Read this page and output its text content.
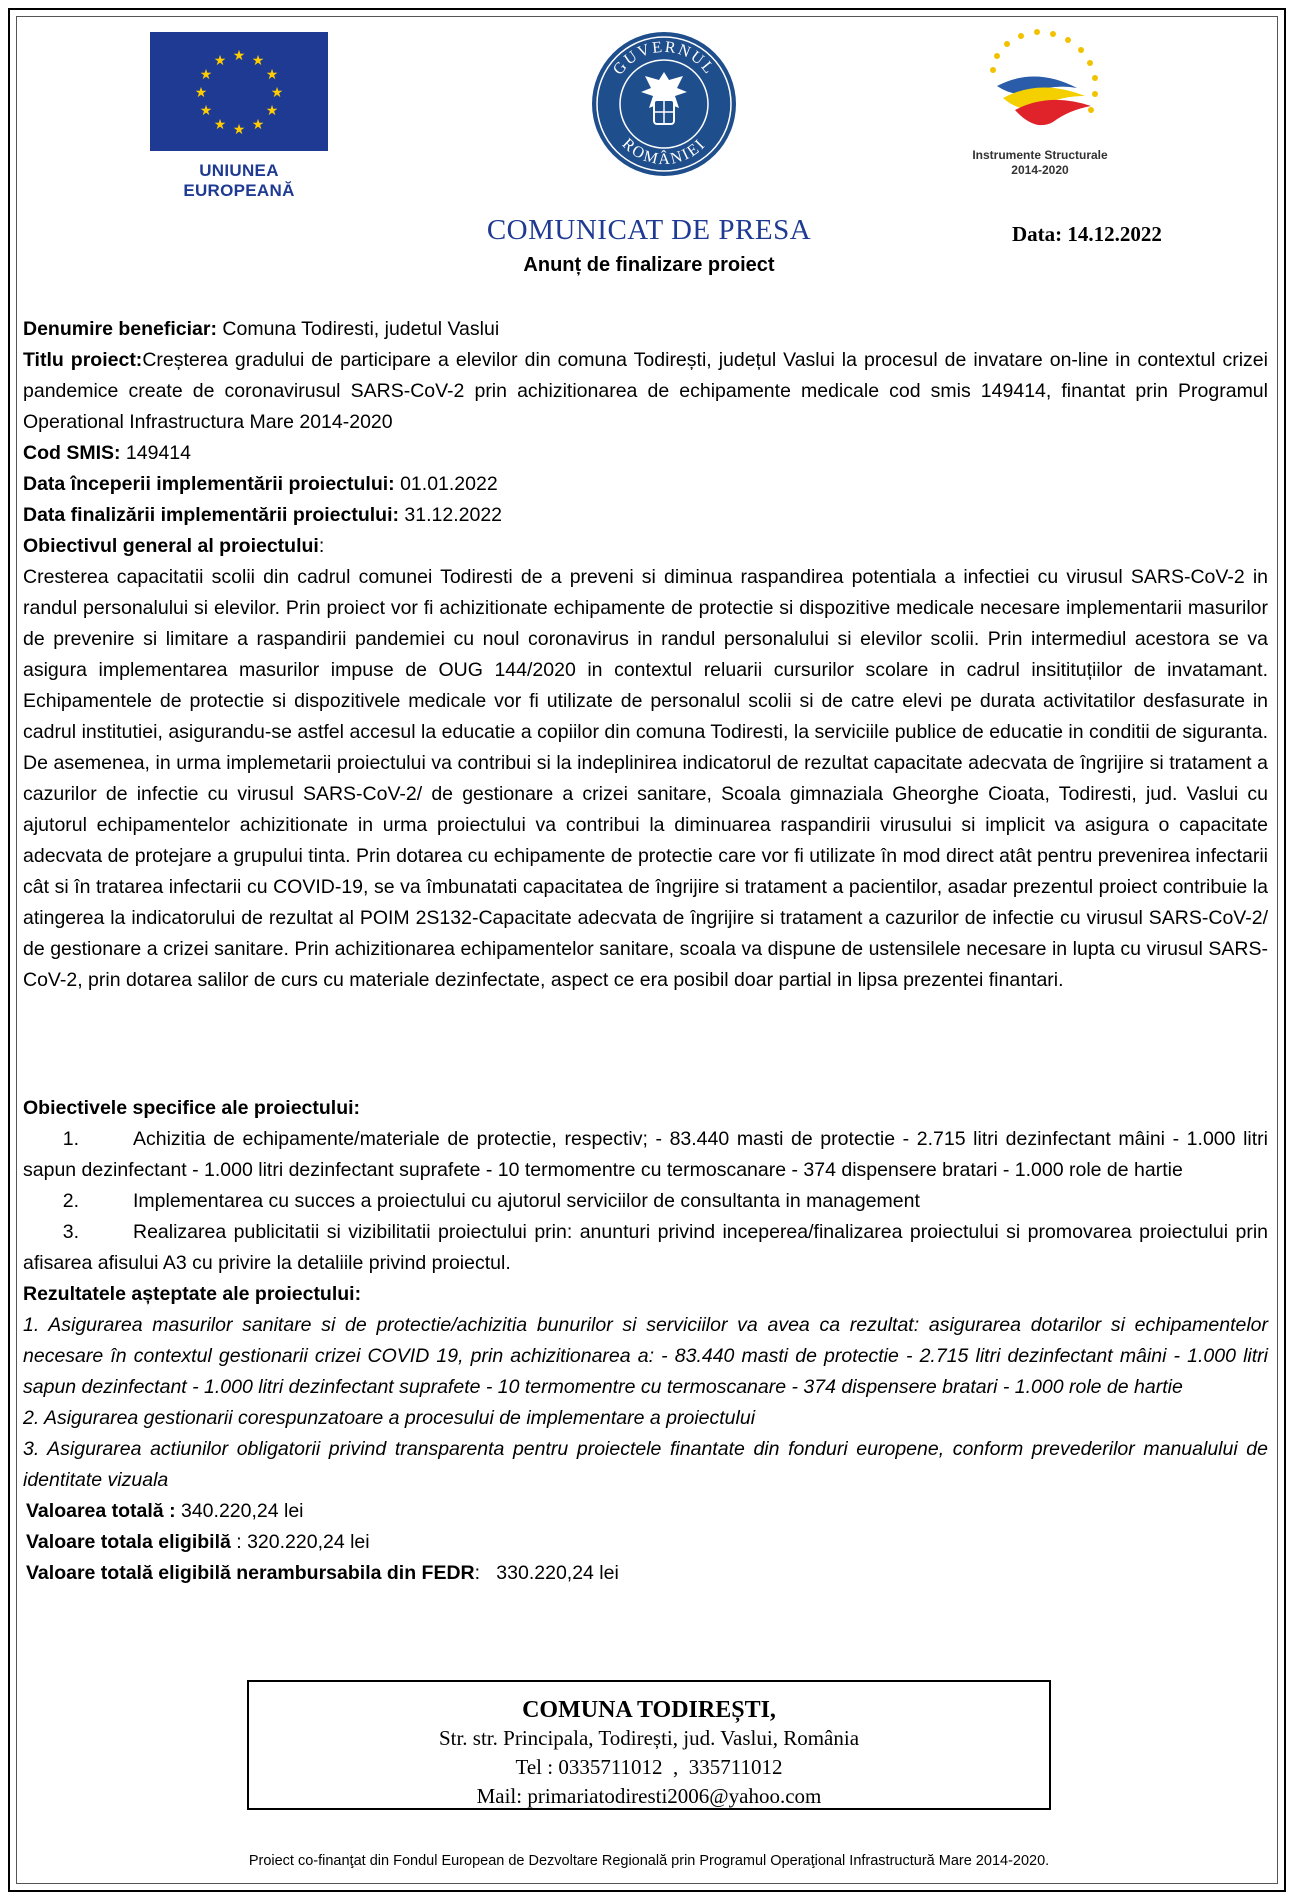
★ ★
★
★
★
★
★
★
★
★
★
★
UNIUNEA EUROPEANĂ
GUVERNUL
ROMÂNIEI
Instrumente Structurale
2014-2020
COMUNICAT DE PRESA	Data: 14.12.2022
Anunț de finalizare proiect

Denumire beneficiar: Comuna Todiresti, judetul Vaslui

Titlu proiect:Creșterea gradului de participare a elevilor din comuna Todirești, județul Vaslui la procesul de invatare on-line in contextul crizei pandemice create de coronavirusul SARS-CoV-2 prin achizitionarea de echipamente medicale cod smis 149414, finantat prin Programul Operational Infrastructura Mare 2014-2020

Cod SMIS: 149414

Data începerii implementării proiectului: 01.01.2022

Data finalizării implementării proiectului: 31.12.2022

Obiectivul general al proiectului:

Cresterea capacitatii scolii din cadrul comunei Todiresti de a preveni si diminua raspandirea potentiala a infectiei cu virusul SARS-CoV-2 in randul personalului si elevilor. Prin proiect vor fi achizitionate echipamente de protectie si dispozitive medicale necesare implementarii masurilor de prevenire si limitare a raspandirii pandemiei cu noul coronavirus in randul personalului si elevilor scolii. Prin intermediul acestora se va asigura implementarea masurilor impuse de OUG 144/2020 in contextul reluarii cursurilor scolare in cadrul insitituțiilor de invatamant. Echipamentele de protectie si dispozitivele medicale vor fi utilizate de personalul scolii si de catre elevi pe durata activitatilor desfasurate in cadrul institutiei, asigurandu-se astfel accesul la educatie a copiilor din comuna Todiresti, la serviciile publice de educatie in conditii de siguranta. De asemenea, in urma implemetarii proiectului va contribui si la indeplinirea indicatorul de rezultat capacitate adecvata de îngrijire si tratament a cazurilor de infectie cu virusul SARS-CoV-2/ de gestionare a crizei sanitare, Scoala gimnaziala Gheorghe Cioata, Todiresti, jud. Vaslui cu ajutorul echipamentelor achizitionate in urma proiectului va contribui la diminuarea raspandirii virusului si implicit va asigura o capacitate adecvata de protejare a grupului tinta. Prin dotarea cu echipamente de protectie care vor fi utilizate în mod direct atât pentru prevenirea infectarii cât si în tratarea infectarii cu COVID-19, se va îmbunatati capacitatea de îngrijire si tratament a pacientilor, asadar prezentul proiect contribuie la atingerea la indicatorului de rezultat al POIM 2S132-Capacitate adecvata de îngrijire si tratament a cazurilor de infectie cu virusul SARS-CoV-2/ de gestionare a crizei sanitare. Prin achizitionarea echipamentelor sanitare, scoala va dispune de ustensilele necesare in lupta cu virusul SARS-CoV-2, prin dotarea salilor de curs cu materiale dezinfectate, aspect ce era posibil doar partial in lipsa prezentei finantari.

Obiectivele specifice ale proiectului:

1.	Achizitia de echipamente/materiale de protectie, respectiv; - 83.440 masti de protectie - 2.715 litri dezinfectant mâini - 1.000 litri sapun dezinfectant - 1.000 litri dezinfectant suprafete - 10 termomentre cu termoscanare - 374 dispensere bratari - 1.000 role de hartie

2.	Implementarea cu succes a proiectului cu ajutorul serviciilor de consultanta in management

3.	Realizarea publicitatii si vizibilitatii proiectului prin: anunturi privind inceperea/finalizarea proiectului si promovarea proiectului prin afisarea afisului A3 cu privire la detaliile privind proiectul.

Rezultatele așteptate ale proiectului:

1. Asigurarea masurilor sanitare si de protectie/achizitia bunurilor si serviciilor va avea ca rezultat: asigurarea dotarilor si echipamentelor necesare în contextul gestionarii crizei COVID 19, prin achizitionarea a: - 83.440 masti de protectie - 2.715 litri dezinfectant mâini - 1.000 litri sapun dezinfectant - 1.000 litri dezinfectant suprafete - 10 termomentre cu termoscanare - 374 dispensere bratari - 1.000 role de hartie

2. Asigurarea gestionarii corespunzatoare a procesului de implementare a proiectului

3. Asigurarea actiunilor obligatorii privind transparenta pentru proiectele finantate din fonduri europene, conform prevederilor manualului de identitate vizuala

Valoarea totală : 340.220,24 lei

Valoare totala eligibilă : 320.220,24 lei

Valoare totală eligibilă nerambursabila din FEDR:   330.220,24 lei

COMUNA TODIREȘTI,
Str. str. Principala, Todirești, jud. Vaslui, România
Tel : 0335711012  ,  335711012
Mail: primariatodiresti2006@yahoo.com
Proiect co-finanţat din Fondul European de Dezvoltare Regională prin Programul Operaţional Infrastructură Mare 2014-2020.
